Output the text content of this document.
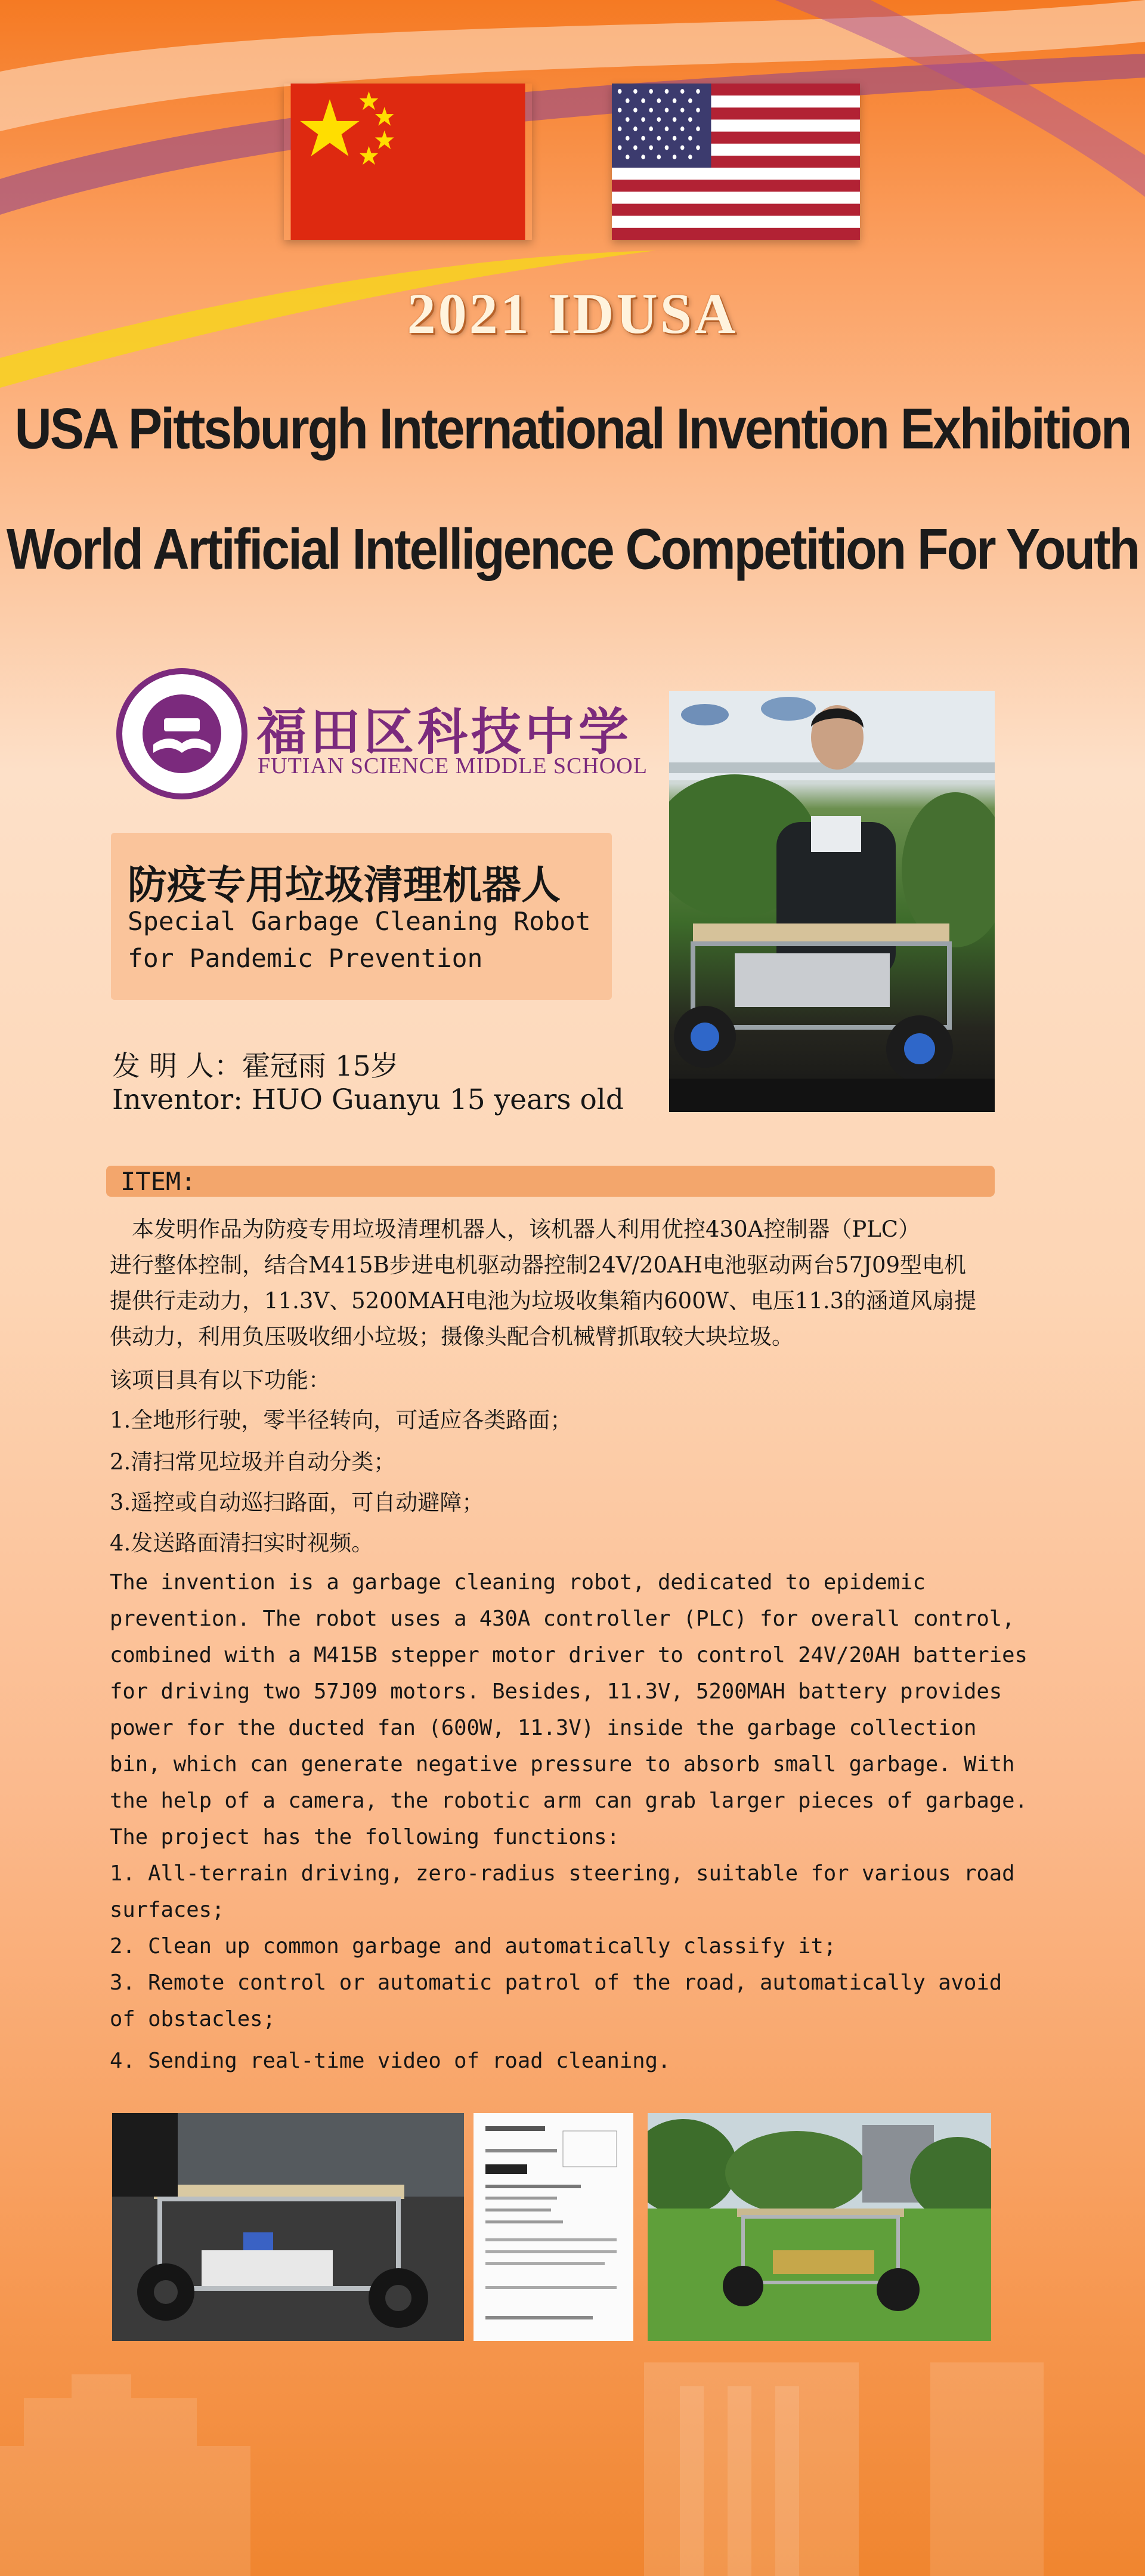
2021 IDUSA
USA Pittsburgh International Invention Exhibition
World Artificial Intelligence Competition For Youth
福田区科技中学
FUTIAN SCIENCE MIDDLE SCHOOL
防疫专用垃圾清理机器人
Special Garbage Cleaning Robot
for Pandemic Prevention
发 明 人：霍冠雨 15岁
Inventor: HUO Guanyu 15 years old
ITEM:
　本发明作品为防疫专用垃圾清理机器人，该机器人利用优控430A控制器（PLC）
进行整体控制，结合M415B步进电机驱动器控制24V/20AH电池驱动两台57J09型电机
提供行走动力，11.3V、5200MAH电池为垃圾收集箱内600W、电压11.3的涵道风扇提
供动力，利用负压吸收细小垃圾；摄像头配合机械臂抓取较大块垃圾。
该项目具有以下功能：
1.全地形行驶，零半径转向，可适应各类路面；
2.清扫常见垃圾并自动分类；
3.遥控或自动巡扫路面，可自动避障；
4.发送路面清扫实时视频。
The invention is a garbage cleaning robot, dedicated to epidemic
prevention. The robot uses a 430A controller (PLC) for overall control,
combined with a M415B stepper motor driver to control 24V/20AH batteries
for driving two 57J09 motors. Besides, 11.3V, 5200MAH battery provides
power for the ducted fan (600W, 11.3V) inside the garbage collection
bin, which can generate negative pressure to absorb small garbage. With
the help of a camera, the robotic arm can grab larger pieces of garbage.
The project has the following functions:
1. All-terrain driving, zero-radius steering, suitable for various road
surfaces;
2. Clean up common garbage and automatically classify it;
3. Remote control or automatic patrol of the road, automatically avoid
of obstacles;
4. Sending real-time video of road cleaning.
